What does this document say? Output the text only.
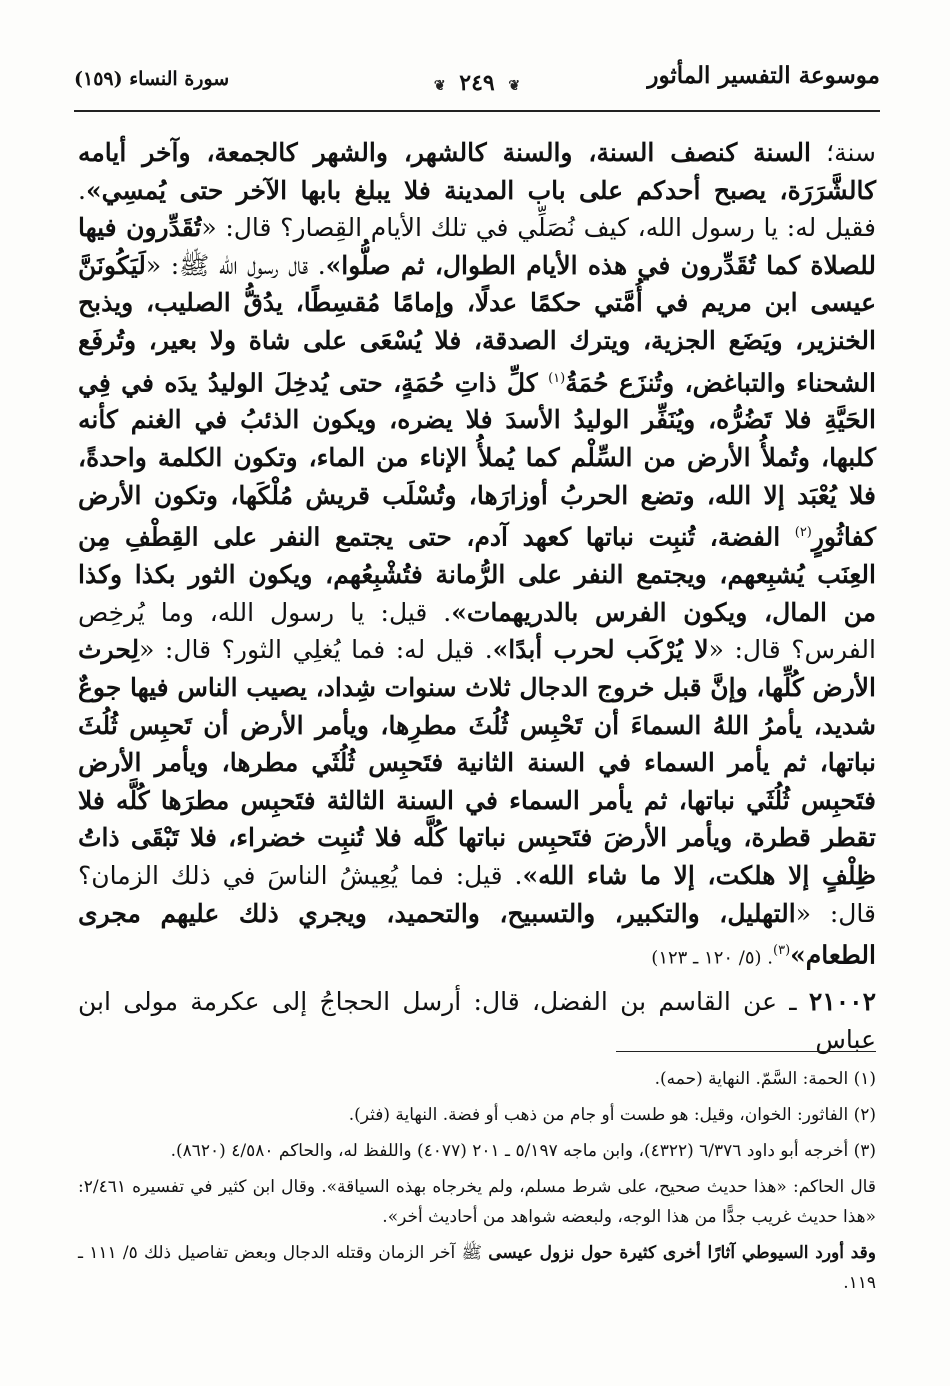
سورة النساء (١٥٩)	❦ ٢٤٩ ❦	موسوعة التفسير المأثور

سنة؛ السنة كنصف السنة، والسنة كالشهر، والشهر كالجمعة، وآخر أيامه كالشَّرَرَة، يصبح أحدكم على باب المدينة فلا يبلغ بابها الآخر حتى يُمسِي». فقيل له: يا رسول الله، كيف نُصَلِّي في تلك الأيام القِصار؟ قال: «تُقَدِّرون فيها للصلاة كما تُقَدِّرون في هذه الأيام الطوال، ثم صلُّوا». قال رسول الله ﷺ: «لَيَكُونَنَّ عيسى ابن مريم في أُمَّتي حكمًا عدلًا، وإمامًا مُقسِطًا، يدُقُّ الصليب، ويذبح الخنزير، ويَضَع الجزية، ويترك الصدقة، فلا يُسْعَى على شاة ولا بعير، وتُرفَع الشحناء والتباغض، وتُنزَع حُمَةُ$^{(١)}$ كلِّ ذاتِ حُمَةٍ، حتى يُدخِلَ الوليدُ يدَه في فِي الحَيَّةِ فلا تَضُرُّه، ويُنَفِّر الوليدُ الأسدَ فلا يضره، ويكون الذئبُ في الغنم كأنه كلبها، وتُملأُ الأرض من السِّلْم كما يُملأُ الإناء من الماء، وتكون الكلمة واحدةً، فلا يُعْبَد إلا الله، وتضع الحربُ أوزارَها، وتُسْلَب قريش مُلْكَها، وتكون الأرض كفاثُورٍ$^{(٢)}$ الفضة، تُنبِت نباتها كعهد آدم، حتى يجتمع النفر على القِطْفِ مِن العِنَب يُشبِعهم، ويجتمع النفر على الرُّمانة فتُشْبِعُهم، ويكون الثور بكذا وكذا من المال، ويكون الفرس بالدريهمات». قيل: يا رسول الله، وما يُرخِص الفرس؟ قال: «لا يُرْكَب لحرب أبدًا». قيل له: فما يُغلِي الثور؟ قال: «لِحرث الأرض كُلِّها، وإنَّ قبل خروج الدجال ثلاث سنوات شِداد، يصيب الناس فيها جوعٌ شديد، يأمرُ اللهُ السماءَ أن تَحْبِس ثُلُثَ مطرِها، ويأمر الأرض أن تَحبِس ثُلُثَ نباتها، ثم يأمر السماء في السنة الثانية فتَحبِس ثُلُثَي مطرها، ويأمر الأرض فتَحبِس ثُلُثَي نباتها، ثم يأمر السماء في السنة الثالثة فتَحبِس مطرَها كُلَّه فلا تقطر قطرة، ويأمر الأرضَ فتَحبِس نباتها كُلَّه فلا تُنبِت خضراء، فلا تَبْقَى ذاتُ ظِلْفٍ إلا هلكت، إلا ما شاء الله». قيل: فما يُعِيشُ الناسَ في ذلك الزمان؟ قال: «التهليل، والتكبير، والتسبيح، والتحميد، ويجري ذلك عليهم مجرى الطعام»$^{(٣)}$. (٥/ ١٢٠ ـ ١٢٣)

٢١٠٠٢ ـ عن القاسم بن الفضل، قال: أرسل الحجاجُ إلى عكرمة مولى ابن عباس

(١) الحمة: السَّمّ. النهاية (حمه).

(٢) الفاثور: الخوان، وقيل: هو طست أو جام من ذهب أو فضة. النهاية (فثر).

(٣) أخرجه أبو داود ٦/٣٧٦ (٤٣٢٢)، وابن ماجه ٥/١٩٧ ـ ٢٠١ (٤٠٧٧) واللفظ له، والحاكم ٤/٥٨٠ (٨٦٢٠).

قال الحاكم: «هذا حديث صحيح، على شرط مسلم، ولم يخرجاه بهذه السياقة». وقال ابن كثير في تفسيره ٢/٤٦١: «هذا حديث غريب جدًّا من هذا الوجه، ولبعضه شواهد من أحاديث أخر».

وقد أورد السيوطي آثارًا أخرى كثيرة حول نزول عيسى ﷺ آخر الزمان وقتله الدجال وبعض تفاصيل ذلك ٥/ ١١١ ـ ١١٩.
